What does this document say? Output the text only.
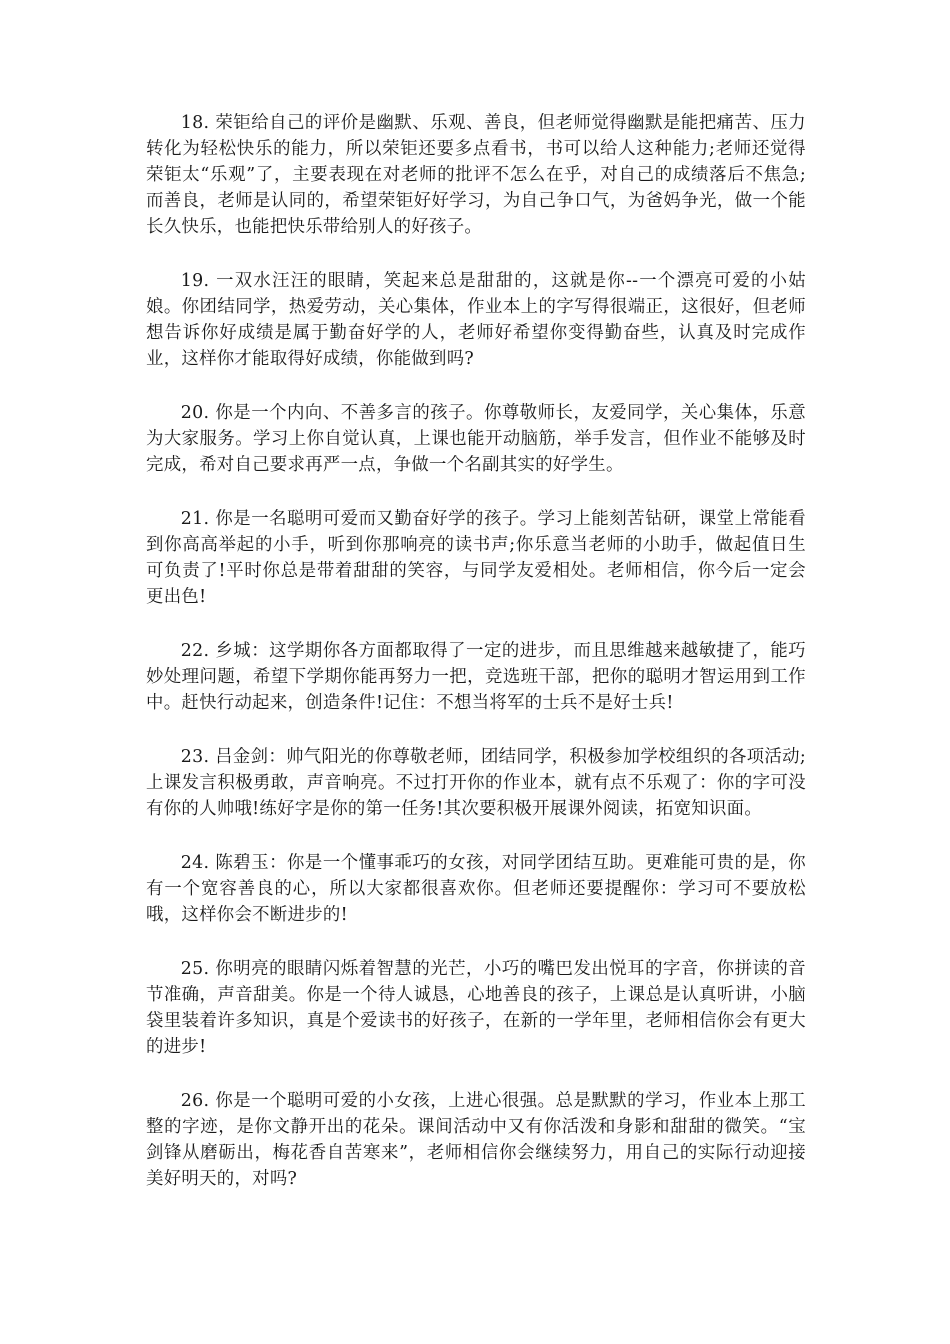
18. 荣钜给自己的评价是幽默、乐观、善良，但老师觉得幽默是能把痛苦、压力转化为轻松快乐的能力，所以荣钜还要多点看书，书可以给人这种能力;老师还觉得荣钜太“乐观”了，主要表现在对老师的批评不怎么在乎，对自己的成绩落后不焦急;而善良，老师是认同的，希望荣钜好好学习，为自己争口气，为爸妈争光，做一个能长久快乐，也能把快乐带给别人的好孩子。

19. 一双水汪汪的眼睛，笑起来总是甜甜的，这就是你--一个漂亮可爱的小姑娘。你团结同学，热爱劳动，关心集体，作业本上的字写得很端正，这很好，但老师想告诉你好成绩是属于勤奋好学的人，老师好希望你变得勤奋些，认真及时完成作业，这样你才能取得好成绩，你能做到吗?

20. 你是一个内向、不善多言的孩子。你尊敬师长，友爱同学，关心集体，乐意为大家服务。学习上你自觉认真，上课也能开动脑筋，举手发言，但作业不能够及时完成，希对自己要求再严一点，争做一个名副其实的好学生。

21. 你是一名聪明可爱而又勤奋好学的孩子。学习上能刻苦钻研，课堂上常能看到你高高举起的小手，听到你那响亮的读书声;你乐意当老师的小助手，做起值日生可负责了!平时你总是带着甜甜的笑容，与同学友爱相处。老师相信，你今后一定会更出色!

22. 乡城：这学期你各方面都取得了一定的进步，而且思维越来越敏捷了，能巧妙处理问题，希望下学期你能再努力一把，竞选班干部，把你的聪明才智运用到工作中。赶快行动起来，创造条件!记住：不想当将军的士兵不是好士兵!

23. 吕金剑：帅气阳光的你尊敬老师，团结同学，积极参加学校组织的各项活动;上课发言积极勇敢，声音响亮。不过打开你的作业本，就有点不乐观了：你的字可没有你的人帅哦!练好字是你的第一任务!其次要积极开展课外阅读，拓宽知识面。

24. 陈碧玉：你是一个懂事乖巧的女孩，对同学团结互助。更难能可贵的是，你有一个宽容善良的心，所以大家都很喜欢你。但老师还要提醒你：学习可不要放松哦，这样你会不断进步的!

25. 你明亮的眼睛闪烁着智慧的光芒，小巧的嘴巴发出悦耳的字音，你拼读的音节准确，声音甜美。你是一个待人诚恳，心地善良的孩子，上课总是认真听讲，小脑袋里装着许多知识，真是个爱读书的好孩子，在新的一学年里，老师相信你会有更大的进步!

26. 你是一个聪明可爱的小女孩，上进心很强。总是默默的学习，作业本上那工整的字迹，是你文静开出的花朵。课间活动中又有你活泼和身影和甜甜的微笑。“宝剑锋从磨砺出，梅花香自苦寒来”，老师相信你会继续努力，用自己的实际行动迎接美好明天的，对吗?
